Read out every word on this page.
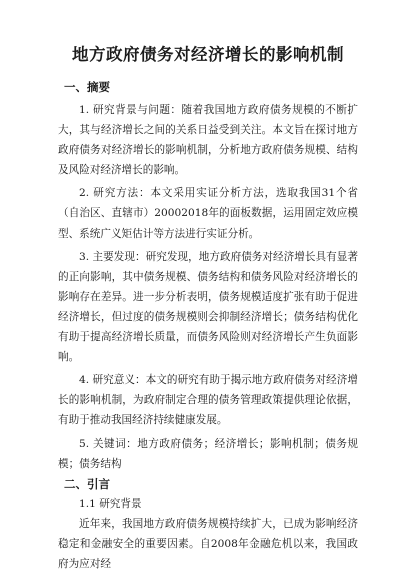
地方政府债务对经济增长的影响机制
一、摘要

1. 研究背景与问题：随着我国地方政府债务规模的不断扩大，其与经济增长之间的关系日益受到关注。本文旨在探讨地方政府债务对经济增长的影响机制，分析地方政府债务规模、结构及风险对经济增长的影响。

2. 研究方法：本文采用实证分析方法，选取我国31个省（自治区、直辖市）20002018年的面板数据，运用固定效应模型、系统广义矩估计等方法进行实证分析。

3. 主要发现：研究发现，地方政府债务对经济增长具有显著的正向影响，其中债务规模、债务结构和债务风险对经济增长的影响存在差异。进一步分析表明，债务规模适度扩张有助于促进经济增长，但过度的债务规模则会抑制经济增长；债务结构优化有助于提高经济增长质量，而债务风险则对经济增长产生负面影响。

4. 研究意义：本文的研究有助于揭示地方政府债务对经济增长的影响机制，为政府制定合理的债务管理政策提供理论依据，有助于推动我国经济持续健康发展。

5. 关键词：地方政府债务；经济增长；影响机制；债务规模；债务结构

二、引言
1.1 研究背景

近年来，我国地方政府债务规模持续扩大，已成为影响经济稳定和金融安全的重要因素。自2008年金融危机以来，我国政府为应对经
